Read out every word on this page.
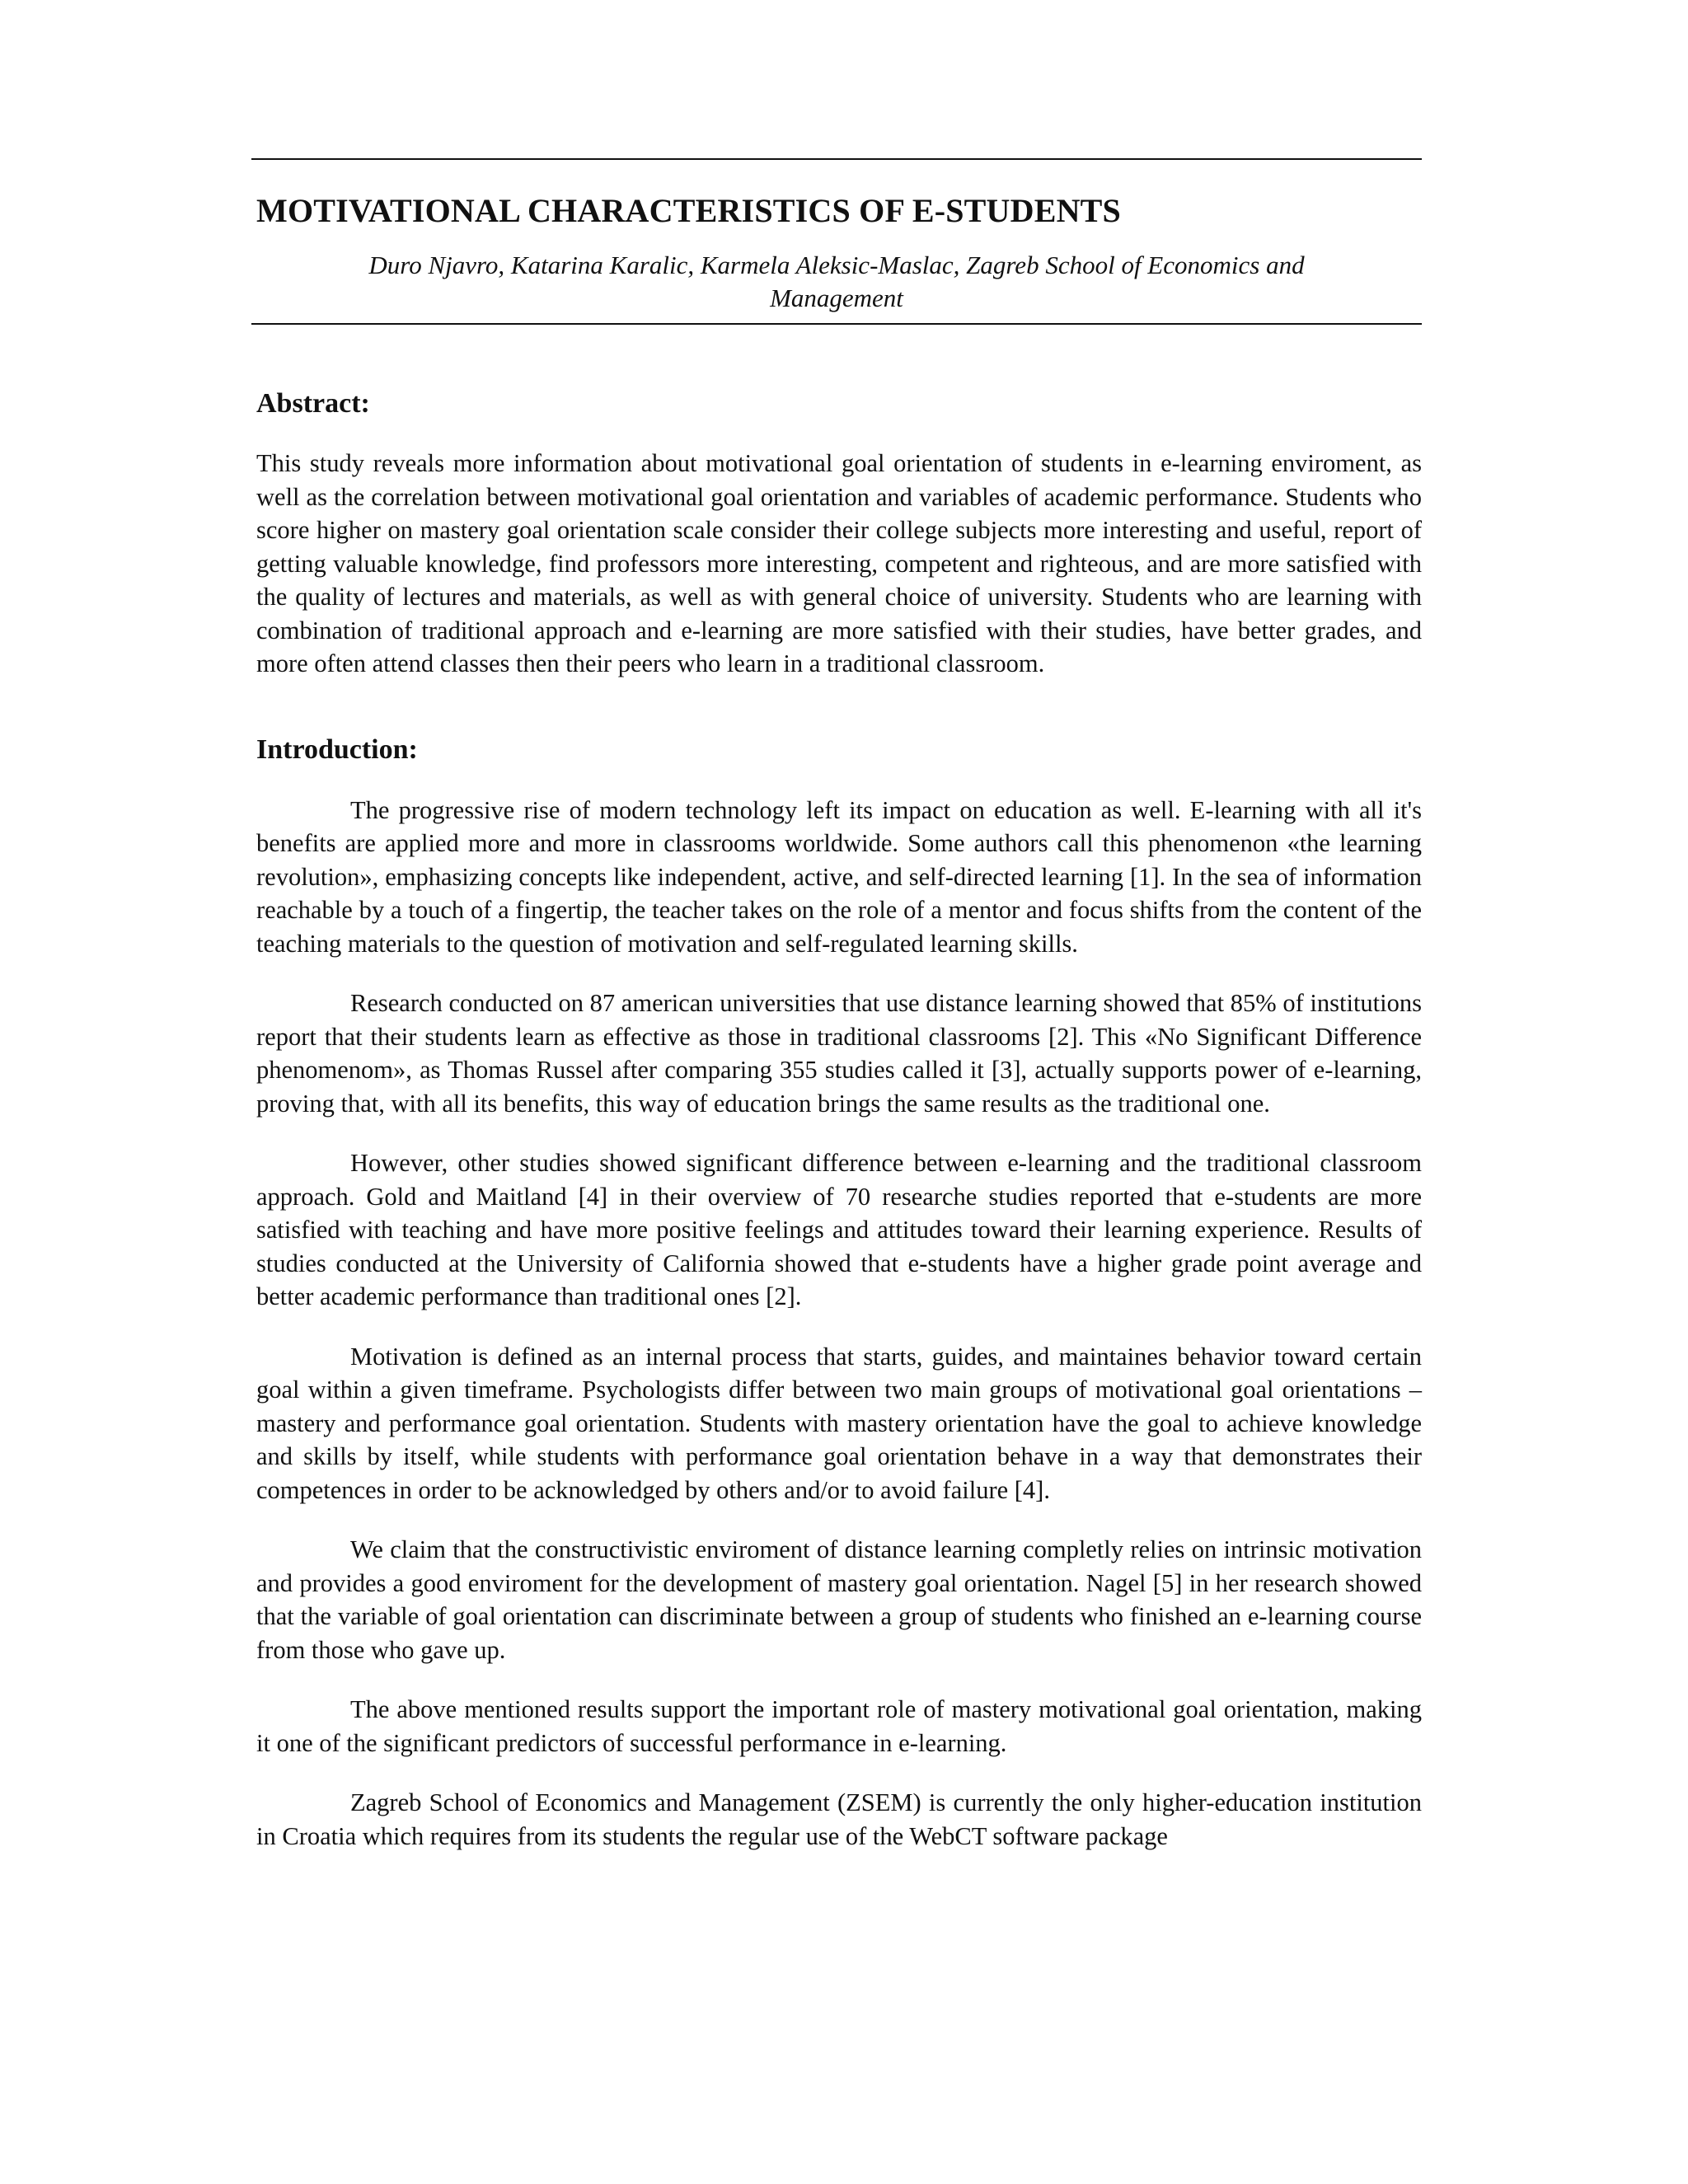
MOTIVATIONAL CHARACTERISTICS OF E-STUDENTS
Duro Njavro, Katarina Karalic, Karmela Aleksic-Maslac, Zagreb School of Economics and Management
Abstract:

This study reveals more information about motivational goal orientation of students in e-learning enviroment, as well as the correlation between motivational goal orientation and variables of academic performance. Students who score higher on mastery goal orientation scale consider their college subjects more interesting and useful, report of getting valuable knowledge, find professors more interesting, competent and righteous, and are more satisfied with the quality of lectures and materials, as well as with general choice of university. Students who are learning with combination of traditional approach and e-learning are more satisfied with their studies, have better grades, and more often attend classes then their peers who learn in a traditional classroom.

Introduction:

The progressive rise of modern technology left its impact on education as well. E-learning with all it's benefits are applied more and more in classrooms worldwide. Some authors call this phenomenon «the learning revolution», emphasizing concepts like independent, active, and self-directed learning [1]. In the sea of information reachable by a touch of a fingertip, the teacher takes on the role of a mentor and focus shifts from the content of the teaching materials to the question of motivation and self-regulated learning skills.

Research conducted on 87 american universities that use distance learning showed that 85% of institutions report that their students learn as effective as those in traditional classrooms [2]. This «No Significant Difference phenomenom», as Thomas Russel after comparing 355 studies called it [3], actually supports power of e-learning, proving that, with all its benefits, this way of education brings the same results as the traditional one.

However, other studies showed significant difference between e-learning and the traditional classroom approach. Gold and Maitland [4] in their overview of 70 researche studies reported that e-students are more satisfied with teaching and have more positive feelings and attitudes toward their learning experience. Results of studies conducted at the University of California showed that e-students have a higher grade point average and better academic performance than traditional ones [2].

Motivation is defined as an internal process that starts, guides, and maintaines behavior toward certain goal within a given timeframe. Psychologists differ between two main groups of motivational goal orientations – mastery and performance goal orientation. Students with mastery orientation have the goal to achieve knowledge and skills by itself, while students with performance goal orientation behave in a way that demonstrates their competences in order to be acknowledged by others and/or to avoid failure [4].

We claim that the constructivistic enviroment of distance learning completly relies on intrinsic motivation and provides a good enviroment for the development of mastery goal orientation. Nagel [5] in her research showed that the variable of goal orientation can discriminate between a group of students who finished an e-learning course from those who gave up.

The above mentioned results support the important role of mastery motivational goal orientation, making it one of the significant predictors of successful performance in e-learning.

Zagreb School of Economics and Management (ZSEM) is currently the only higher-education institution in Croatia which requires from its students the regular use of the WebCT software package
